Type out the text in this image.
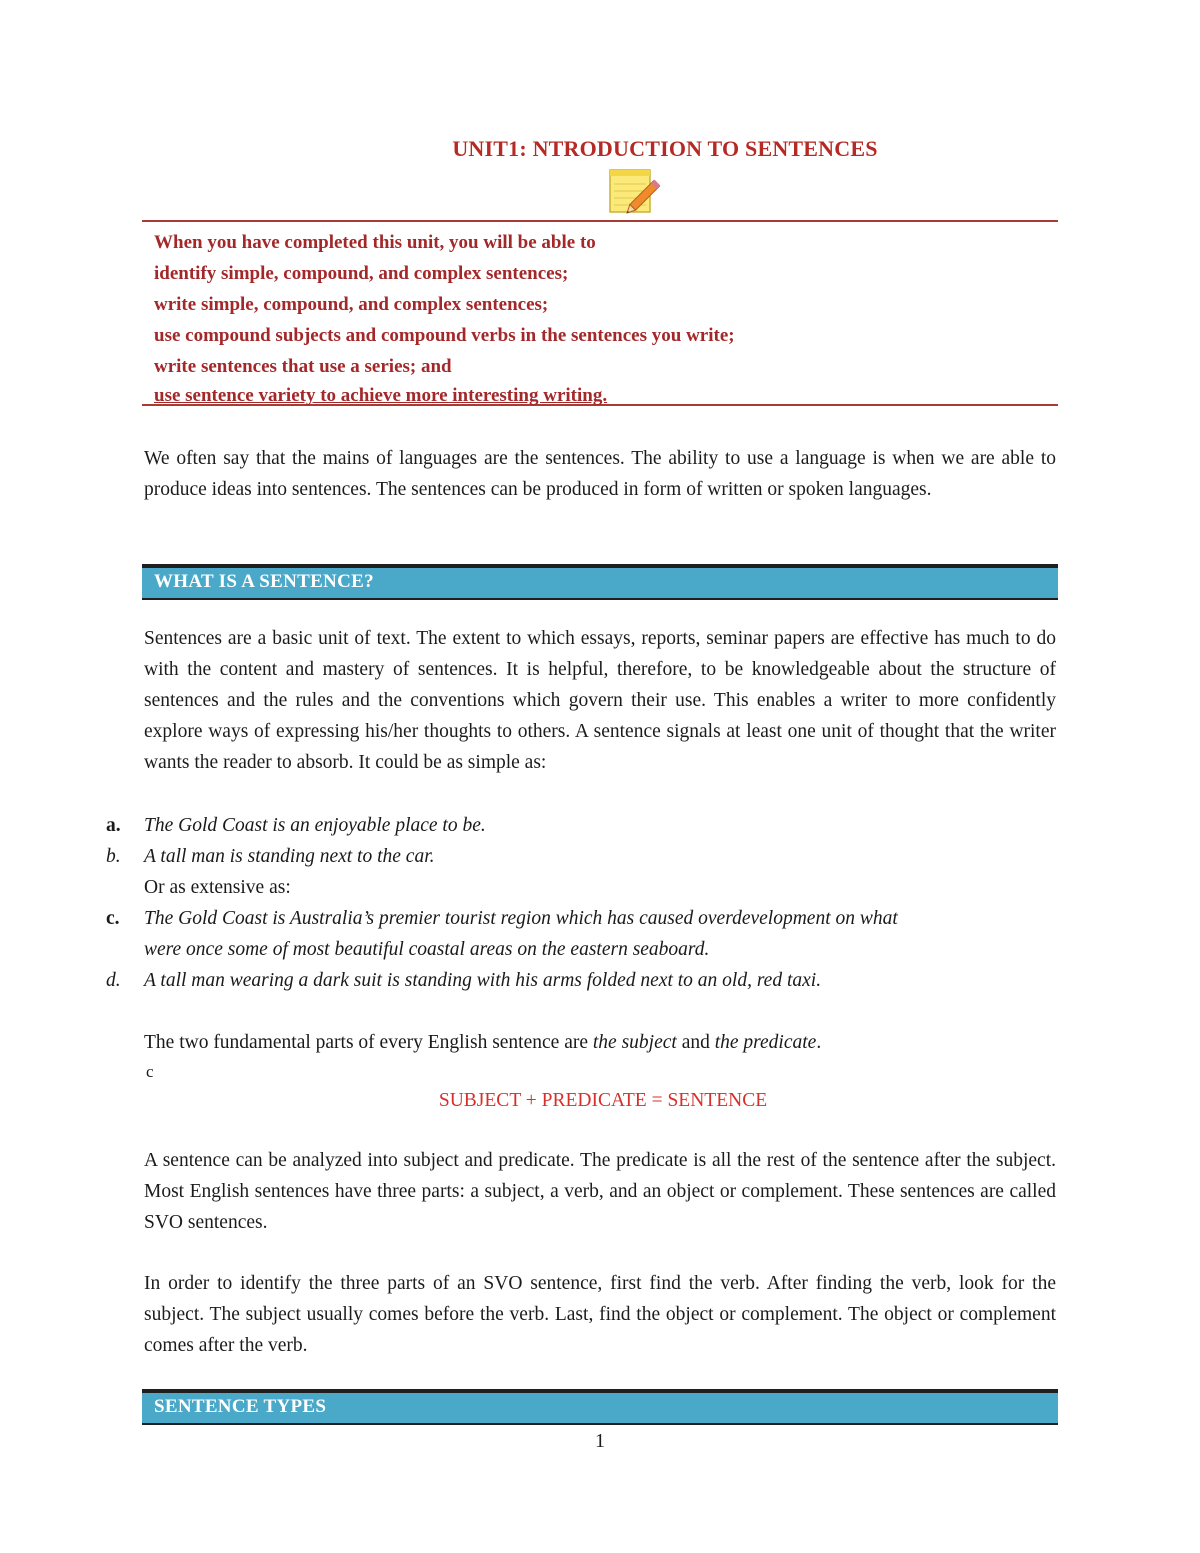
UNIT1: NTRODUCTION TO SENTENCES
When you have completed this unit, you will be able to
identify simple, compound, and complex sentences;
write simple, compound, and complex sentences;
use compound subjects and compound verbs in the sentences you write;
write sentences that use a series; and
use sentence variety to achieve more interesting writing.
We often say that the mains of languages are the sentences. The ability to use a language is when we are able to produce ideas into sentences. The sentences can be produced in form of written or spoken languages.
WHAT IS A SENTENCE?
Sentences are a basic unit of text. The extent to which essays, reports, seminar papers are effective has much to do with the content and mastery of sentences. It is helpful, therefore, to be knowledgeable about the structure of sentences and the rules and the conventions which govern their use. This enables a writer to more confidently explore ways of expressing his/her thoughts to others. A sentence signals at least one unit of thought that the writer wants the reader to absorb. It could be as simple as:
a. The Gold Coast is an enjoyable place to be.
b. A tall man is standing next to the car.
Or as extensive as:
c. The Gold Coast is Australia’s premier tourist region which has caused overdevelopment on what
were once some of most beautiful coastal areas on the eastern seaboard.
d. A tall man wearing a dark suit is standing with his arms folded next to an old, red taxi.
The two fundamental parts of every English sentence are the subject and the predicate.
c
SUBJECT + PREDICATE = SENTENCE
A sentence can be analyzed into subject and predicate. The predicate is all the rest of the sentence after the subject. Most English sentences have three parts: a subject, a verb, and an object or complement. These sentences are called SVO sentences.
In order to identify the three parts of an SVO sentence, first find the verb. After finding the verb, look for the subject. The subject usually comes before the verb. Last, find the object or complement. The object or complement comes after the verb.
SENTENCE TYPES
1
